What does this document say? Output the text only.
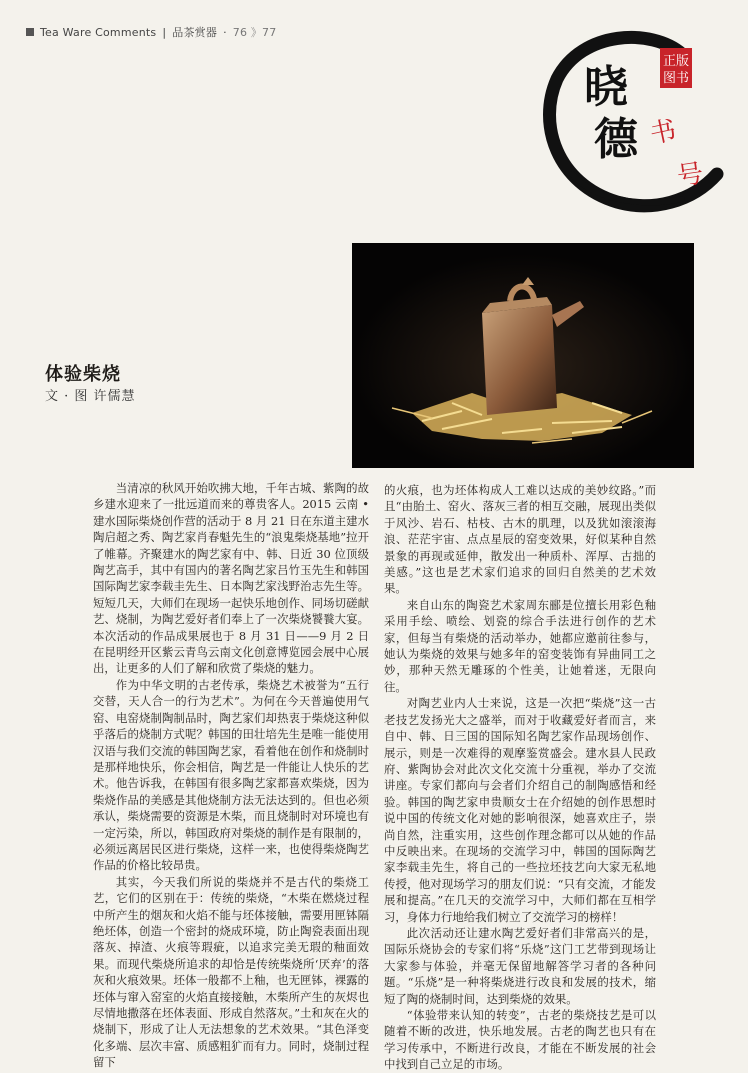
Tea Ware Comments | 品茶赏器 · 76 》77
晓
德
正版
图书
书
号
体验柴烧
文 · 图 许儒慧

当清凉的秋风开始吹拂大地，千年古城、紫陶的故乡建水迎来了一批远道而来的尊贵客人。2015 云南 • 建水国际柴烧创作营的活动于 8 月 21 日在东道主建水陶启超之秀、陶艺家肖春魁先生的“浪鬼柴烧基地”拉开了帷幕。齐聚建水的陶艺家有中、韩、日近 30 位顶级陶艺高手，其中有国内的著名陶艺家吕竹玉先生和韩国国际陶艺家李载圭先生、日本陶艺家浅野治志先生等。短短几天，大师们在现场一起快乐地创作、同场切磋献艺、烧制，为陶艺爱好者们奉上了一次柴烧饕餮大宴。本次活动的作品成果展也于 8 月 31 日——9 月 2 日在昆明经开区紫云青鸟云南文化创意博览园会展中心展出，让更多的人们了解和欣赏了柴烧的魅力。

作为中华文明的古老传承，柴烧艺术被誉为“五行交替，天人合一的行为艺术”。为何在今天普遍使用气窑、电窑烧制陶制品时，陶艺家们却热衷于柴烧这种似乎落后的烧制方式呢？韩国的田壮培先生是唯一能使用汉语与我们交流的韩国陶艺家，看着他在创作和烧制时是那样地快乐，你会相信，陶艺是一件能让人快乐的艺术。他告诉我，在韩国有很多陶艺家都喜欢柴烧，因为柴烧作品的美感是其他烧制方法无法达到的。但也必须承认，柴烧需要的资源是木柴，而且烧制时对环境也有一定污染，所以，韩国政府对柴烧的制作是有限制的，必须远离居民区进行柴烧，这样一来，也使得柴烧陶艺作品的价格比较昂贵。

其实，今天我们所说的柴烧并不是古代的柴烧工艺，它们的区别在于：传统的柴烧，“木柴在燃烧过程中所产生的烟灰和火焰不能与坯体接触，需要用匣钵隔绝坯体，创造一个密封的烧成环境，防止陶瓷表面出现落灰、掉渣、火痕等瑕疵，以追求完美无瑕的釉面效果。而现代柴烧所追求的却恰是传统柴烧所‘厌弃’的落灰和火痕效果。坯体一般都不上釉，也无匣钵，裸露的坯体与窜入窑室的火焰直接接触，木柴所产生的灰烬也尽情地撒落在坯体表面、形成自然落灰。”土和灰在火的烧制下，形成了让人无法想象的艺术效果。“其色泽变化多端、层次丰富、质感粗犷而有力。同时，烧制过程留下

的火痕，也为坯体构成人工难以达成的美妙纹路。”而且“由胎土、窑火、落灰三者的相互交融，展现出类似于风沙、岩石、枯枝、古木的肌理，以及犹如滚滚海浪、茫茫宇宙、点点星辰的窑变效果，好似某种自然景象的再现或延伸，散发出一种质朴、浑厚、古拙的美感。”这也是艺术家们追求的回归自然美的艺术效果。

来自山东的陶瓷艺术家周东郦是位擅长用彩色釉采用手绘、喷绘、划瓷的综合手法进行创作的艺术家，但每当有柴烧的活动举办，她都应邀前往参与，她认为柴烧的效果与她多年的窑变装饰有异曲同工之妙，那种天然无雕琢的个性美，让她着迷，无限向往。

对陶艺业内人士来说，这是一次把“柴烧”这一古老技艺发扬光大之盛举，而对于收藏爱好者而言，来自中、韩、日三国的国际知名陶艺家作品现场创作、展示，则是一次难得的观摩鉴赏盛会。建水县人民政府、紫陶协会对此次文化交流十分重视，举办了交流讲座。专家们都向与会者们介绍自己的制陶感悟和经验。韩国的陶艺家申贵顺女士在介绍她的创作思想时说中国的传统文化对她的影响很深，她喜欢庄子，崇尚自然，注重实用，这些创作理念都可以从她的作品中反映出来。在现场的交流学习中，韩国的国际陶艺家李载圭先生，将自己的一些拉坯技艺向大家无私地传授，他对现场学习的朋友们说：“只有交流，才能发展和提高。”在几天的交流学习中，大师们都在互相学习，身体力行地给我们树立了交流学习的榜样！

此次活动还让建水陶艺爱好者们非常高兴的是，国际乐烧协会的专家们将“乐烧”这门工艺带到现场让大家参与体验，并毫无保留地解答学习者的各种问题。“乐烧”是一种将柴烧进行改良和发展的技术，缩短了陶的烧制时间，达到柴烧的效果。

“体验带来认知的转变”，古老的柴烧技艺是可以随着不断的改进，快乐地发展。古老的陶艺也只有在学习传承中，不断进行改良，才能在不断发展的社会中找到自己立足的市场。
